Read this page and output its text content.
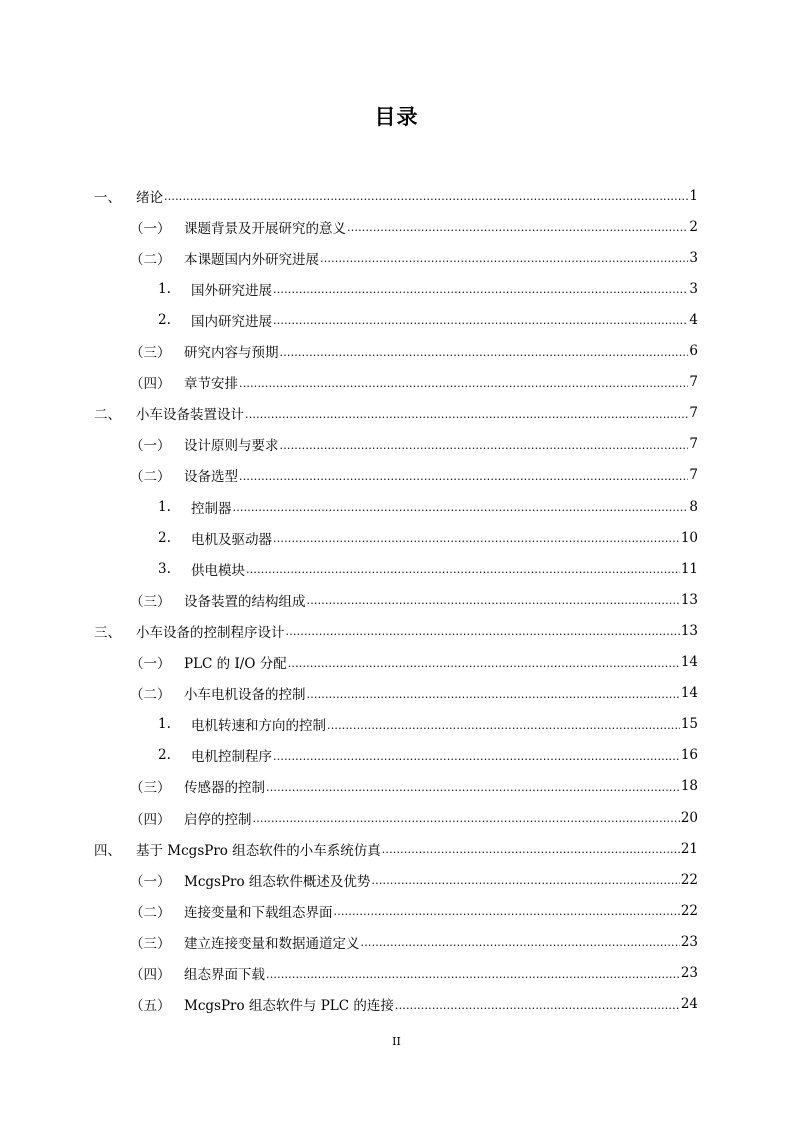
目录
一、	绪论 .....	1
（一）	课题背景及开展研究的意义 .....	2
（二）	本课题国内外研究进展 .....	3
1.	国外研究进展 .....	3
2.	国内研究进展 .....	4
（三）	研究内容与预期 .....	6
（四）	章节安排 .....	7
二、	小车设备装置设计 .....	7
（一）	设计原则与要求 .....	7
（二）	设备选型 .....	7
1.	控制器 .....	8
2.	电机及驱动器 .....	10
3.	供电模块 .....	11
（三）	设备装置的结构组成 .....	13
三、	小车设备的控制程序设计 .....	13
（一）	PLC 的 I/O 分配 .....	14
（二）	小车电机设备的控制 .....	14
1.	电机转速和方向的控制 .....	15
2.	电机控制程序 .....	16
（三）	传感器的控制 .....	18
（四）	启停的控制 .....	20
四、	基于 McgsPro 组态软件的小车系统仿真 .....	21
（一）	McgsPro 组态软件概述及优势 .....	22
（二）	连接变量和下载组态界面 .....	22
（三）	建立连接变量和数据通道定义 .....	23
（四）	组态界面下载 .....	23
（五）	McgsPro 组态软件与 PLC 的连接 .....	24
II
